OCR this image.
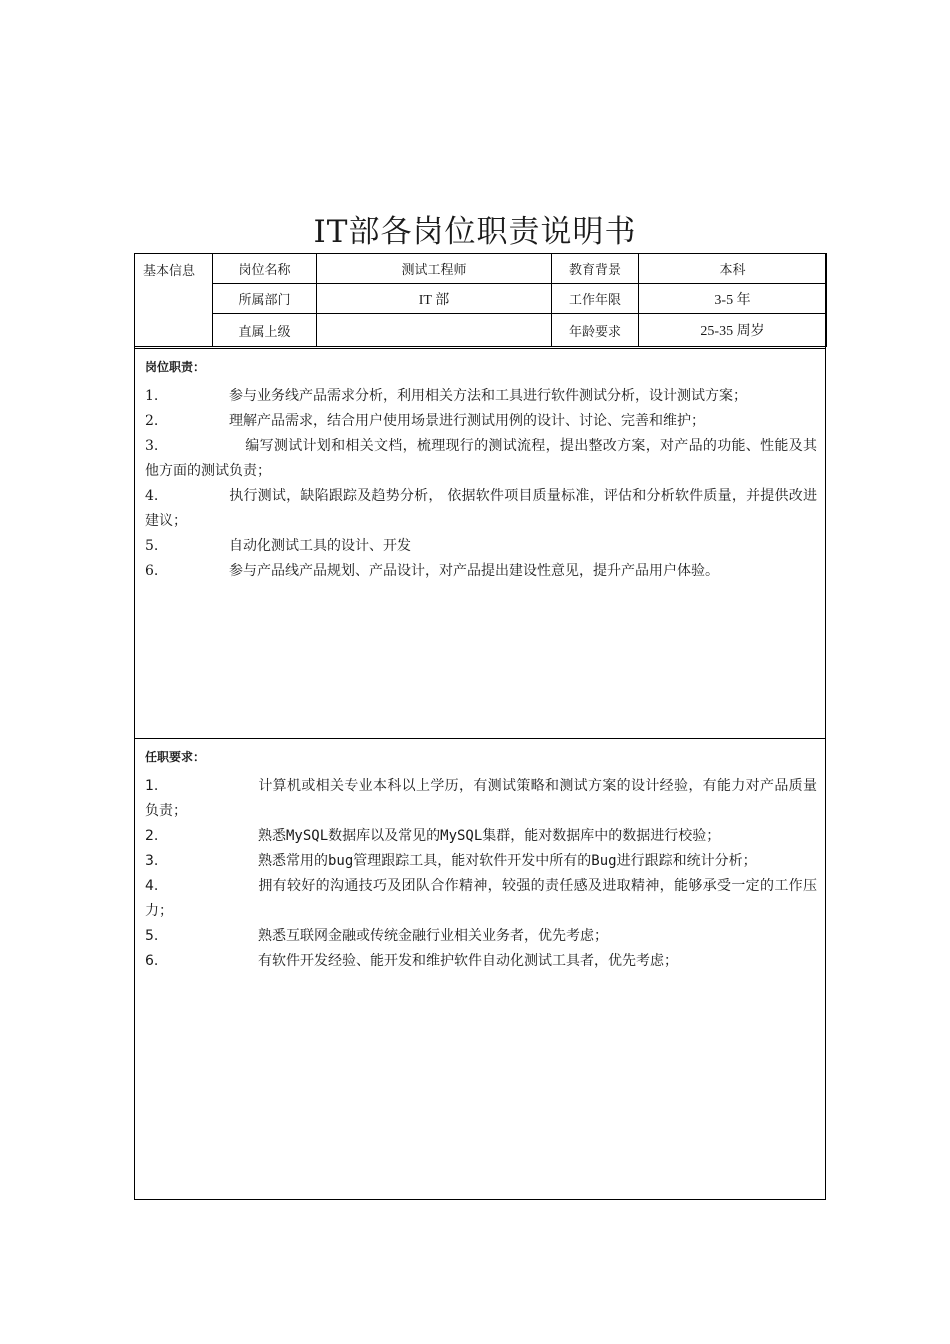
IT部各岗位职责说明书
基本信息	岗位名称	测试工程师	教育背景	本科
	所属部门	IT 部	工作年限	3-5 年
	直属上级		年龄要求	25-35 周岁
岗位职责：
1.	参与业务线产品需求分析，利用相关方法和工具进行软件测试分析，设计测试方案；
2.	理解产品需求，结合用户使用场景进行测试用例的设计、讨论、完善和维护；
3.	编写测试计划和相关文档，梳理现行的测试流程，提出整改方案，对产品的功能、性能及其他方面的测试负责；
4.	执行测试，缺陷跟踪及趋势分析， 依据软件项目质量标准，评估和分析软件质量，并提供改进建议；
5.	自动化测试工具的设计、开发
6.	参与产品线产品规划、产品设计，对产品提出建设性意见，提升产品用户体验。
任职要求：
1.	计算机或相关专业本科以上学历，有测试策略和测试方案的设计经验，有能力对产品质量负责；
2.	熟悉MySQL数据库以及常见的MySQL集群，能对数据库中的数据进行校验；
3.	熟悉常用的bug管理跟踪工具，能对软件开发中所有的Bug进行跟踪和统计分析；
4.	拥有较好的沟通技巧及团队合作精神，较强的责任感及进取精神，能够承受一定的工作压力；
5.	熟悉互联网金融或传统金融行业相关业务者，优先考虑；
6.	有软件开发经验、能开发和维护软件自动化测试工具者，优先考虑；
